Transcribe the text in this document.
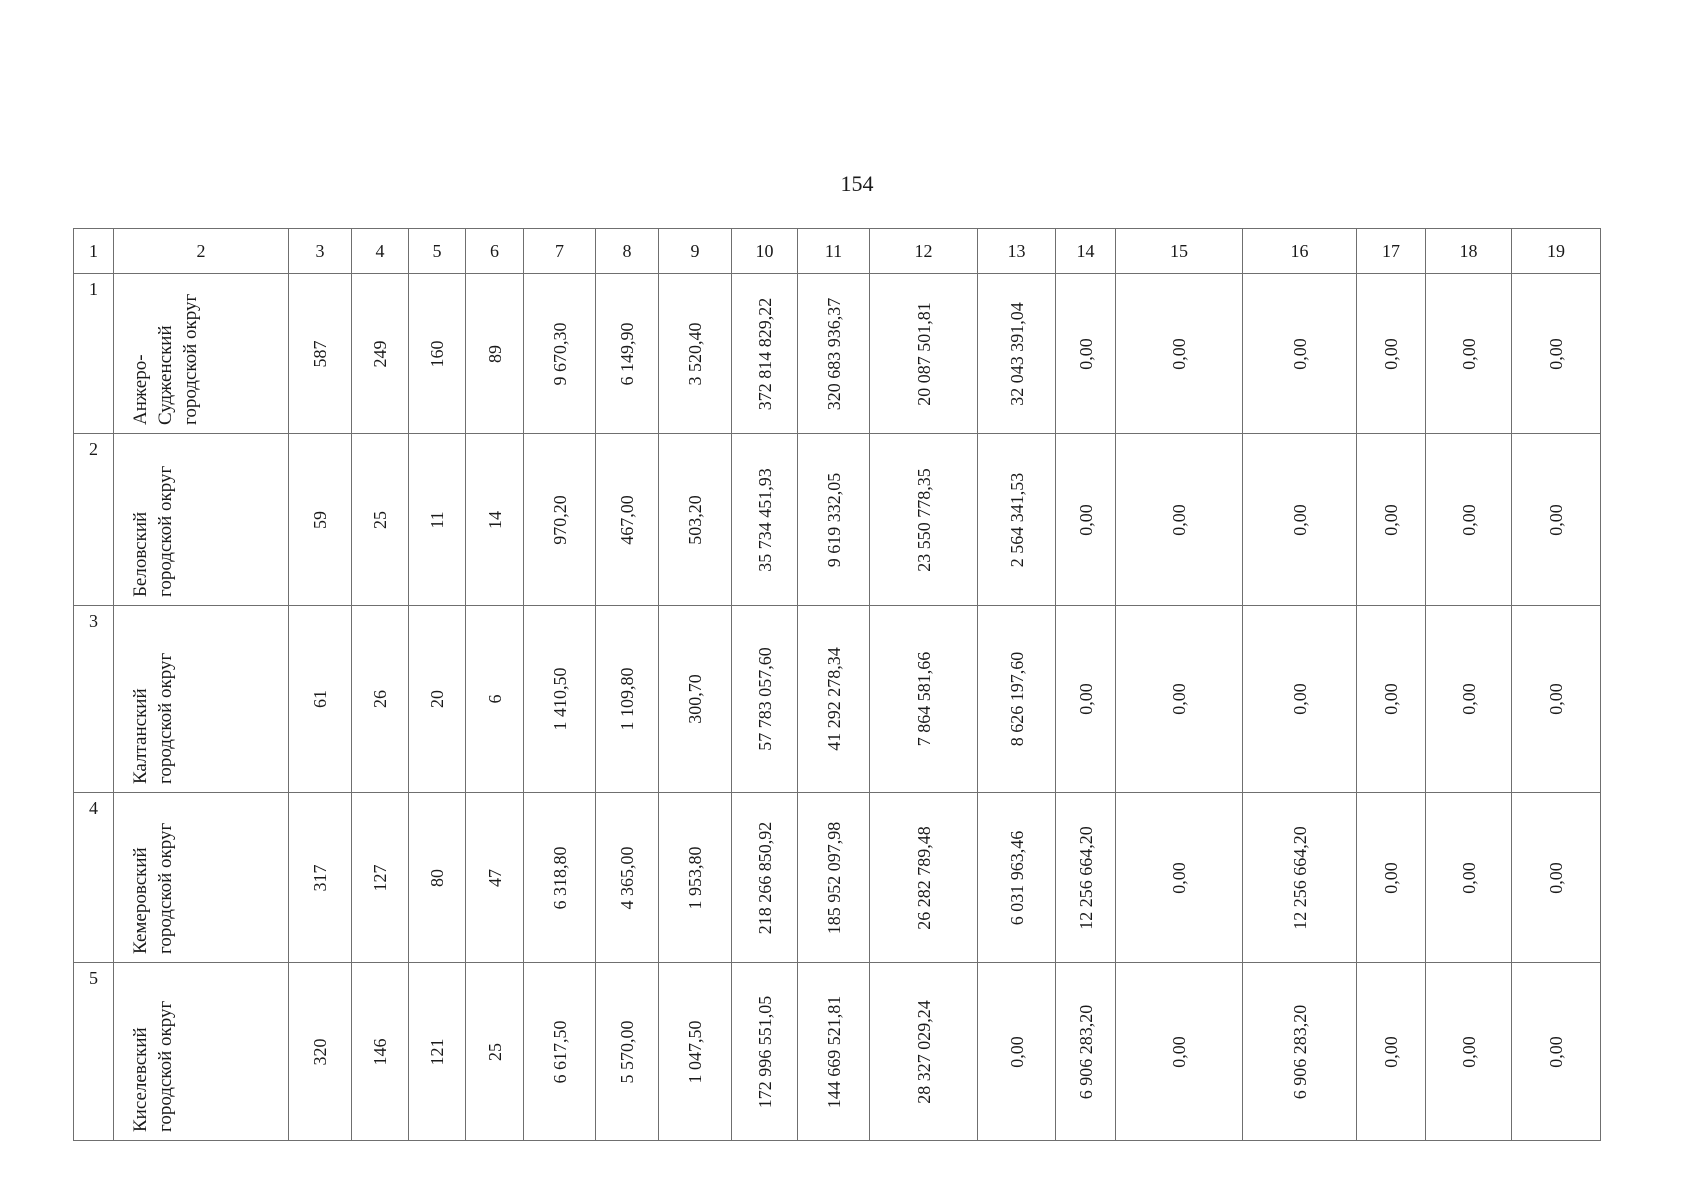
154
1	2	3	4	5	6	7	8	9	10	11	12	13	14	15	16	17	18	19

1	Анжеро-Судженский городской округ	587	249	160	89	9 670,30	6 149,90	3 520,40	372 814 829,22	320 683 936,37	20 087 501,81	32 043 391,04	0,00	0,00	0,00	0,00	0,00	0,00

2	Беловский городской округ	59	25	11	14	970,20	467,00	503,20	35 734 451,93	9 619 332,05	23 550 778,35	2 564 341,53	0,00	0,00	0,00	0,00	0,00	0,00

3	Калтанский городской округ	61	26	20	6	1 410,50	1 109,80	300,70	57 783 057,60	41 292 278,34	7 864 581,66	8 626 197,60	0,00	0,00	0,00	0,00	0,00	0,00

4	Кемеровский городской округ	317	127	80	47	6 318,80	4 365,00	1 953,80	218 266 850,92	185 952 097,98	26 282 789,48	6 031 963,46	12 256 664,20	0,00	12 256 664,20	0,00	0,00	0,00

5	Киселевский городской округ	320	146	121	25	6 617,50	5 570,00	1 047,50	172 996 551,05	144 669 521,81	28 327 029,24	0,00	6 906 283,20	0,00	6 906 283,20	0,00	0,00	0,00
